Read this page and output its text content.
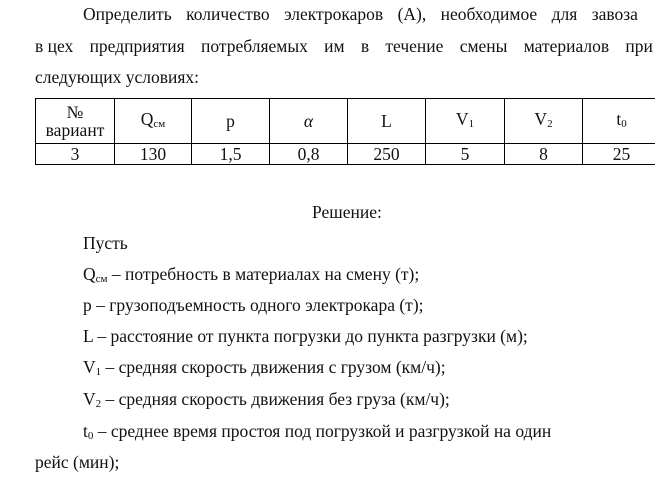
Определить количество электрокаров (А), необходимое для завоза
в цех предприятия потребляемых им в течение смены материалов при
следующих условиях:
№
вариант	Qсм	p	α	L	V1	V2	t0
3	130	1,5	0,8	250	5	8	25
Решение:
Пусть
Qсм – потребность в материалах на смену (т);
p – грузоподъемность одного электрокара (т);
L – расстояние от пункта погрузки до пункта разгрузки (м);
V1 – средняя скорость движения с грузом (км/ч);
V2 – средняя скорость движения без груза (км/ч);
t0 – среднее время простоя под погрузкой и разгрузкой на один
рейс (мин);
